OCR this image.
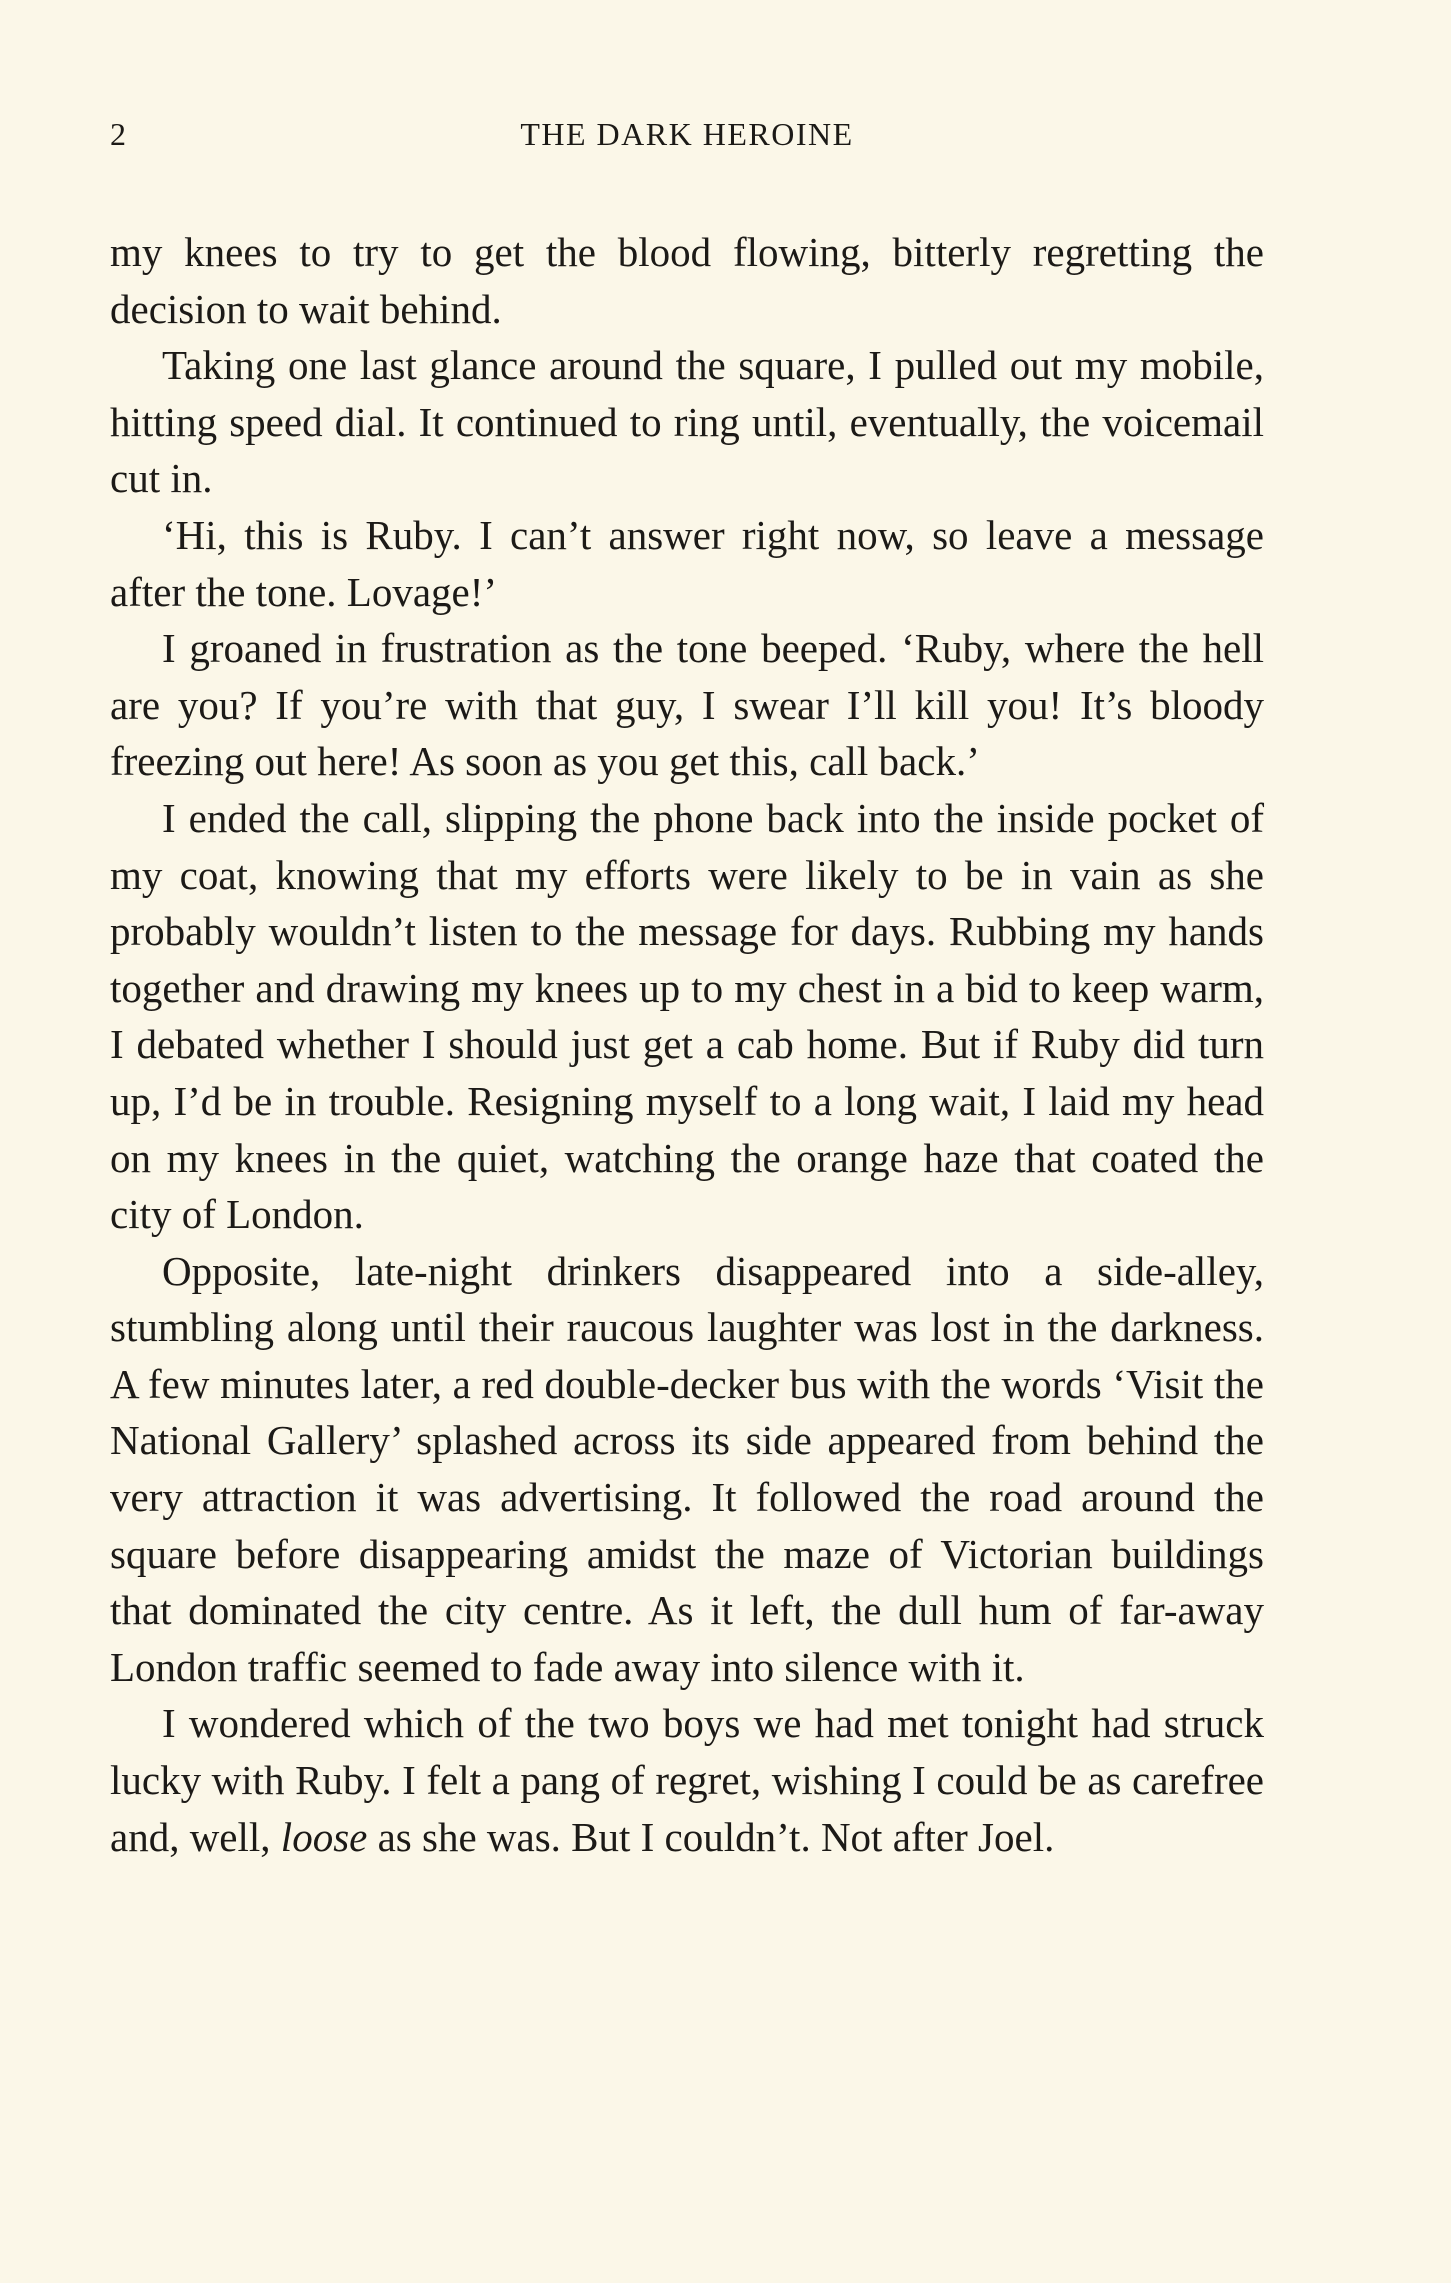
2	THE DARK HEROINE

my knees to try to get the blood flowing, bitterly regretting the decision to wait behind.

Taking one last glance around the square, I pulled out my mobile, hitting speed dial. It continued to ring until, eventually, the voicemail cut in.

‘Hi, this is Ruby. I can’t answer right now, so leave a message after the tone. Lovage!’

I groaned in frustration as the tone beeped. ‘Ruby, where the hell are you? If you’re with that guy, I swear I’ll kill you! It’s bloody freezing out here! As soon as you get this, call back.’

I ended the call, slipping the phone back into the inside pocket of my coat, knowing that my efforts were likely to be in vain as she probably wouldn’t listen to the message for days. Rubbing my hands together and drawing my knees up to my chest in a bid to keep warm, I debated whether I should just get a cab home. But if Ruby did turn up, I’d be in trouble. Resigning myself to a long wait, I laid my head on my knees in the quiet, watching the orange haze that coated the city of London.

Opposite, late-night drinkers disappeared into a side-alley, stumbling along until their raucous laughter was lost in the darkness. A few minutes later, a red double-decker bus with the words ‘Visit the National Gallery’ splashed across its side appeared from behind the very attraction it was advertising. It followed the road around the square before disappearing amidst the maze of Victorian buildings that dominated the city centre. As it left, the dull hum of far-away London traffic seemed to fade away into silence with it.

I wondered which of the two boys we had met tonight had struck lucky with Ruby. I felt a pang of regret, wishing I could be as carefree and, well, loose as she was. But I couldn’t. Not after Joel.
